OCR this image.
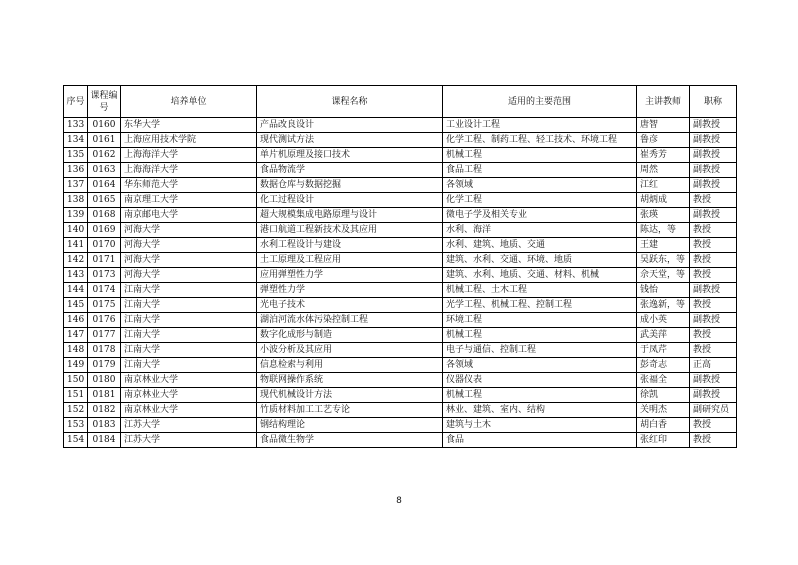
序号	课程编号	培养单位	课程名称	适用的主要范围	主讲教师	职称
133	0160	东华大学	产品改良设计	工业设计工程	唐智	副教授
134	0161	上海应用技术学院	现代测试方法	化学工程、制药工程、轻工技术、环境工程	鲁彦	副教授
135	0162	上海海洋大学	单片机原理及接口技术	机械工程	崔秀芳	副教授
136	0163	上海海洋大学	食品物流学	食品工程	周然	副教授
137	0164	华东师范大学	数据仓库与数据挖掘	各领域	江红	副教授
138	0165	南京理工大学	化工过程设计	化学工程	胡炳成	教授
139	0168	南京邮电大学	超大规模集成电路原理与设计	微电子学及相关专业	张瑛	副教授
140	0169	河海大学	港口航道工程新技术及其应用	水利、海洋	陈达，等	教授
141	0170	河海大学	水利工程设计与建设	水利、建筑、地质、交通	王建	教授
142	0171	河海大学	土工原理及工程应用	建筑、水利、交通、环境、地质	吴跃东，等	教授
143	0173	河海大学	应用弹塑性力学	建筑、水利、地质、交通、材料、机械	佘天堂，等	教授
144	0174	江南大学	弹塑性力学	机械工程、土木工程	钱怡	副教授
145	0175	江南大学	光电子技术	光学工程、机械工程、控制工程	张逸新，等	教授
146	0176	江南大学	湖泊河流水体污染控制工程	环境工程	成小英	副教授
147	0177	江南大学	数字化成形与制造	机械工程	武美萍	教授
148	0178	江南大学	小波分析及其应用	电子与通信、控制工程	于凤芹	教授
149	0179	江南大学	信息检索与利用	各领域	彭奇志	正高
150	0180	南京林业大学	物联网操作系统	仪器仪表	张福全	副教授
151	0181	南京林业大学	现代机械设计方法	机械工程	徐凯	副教授
152	0182	南京林业大学	竹质材料加工工艺专论	林业、建筑、室内、结构	关明杰	副研究员
153	0183	江苏大学	钢结构理论	建筑与土木	胡白香	教授
154	0184	江苏大学	食品微生物学	食品	张红印	教授
8
